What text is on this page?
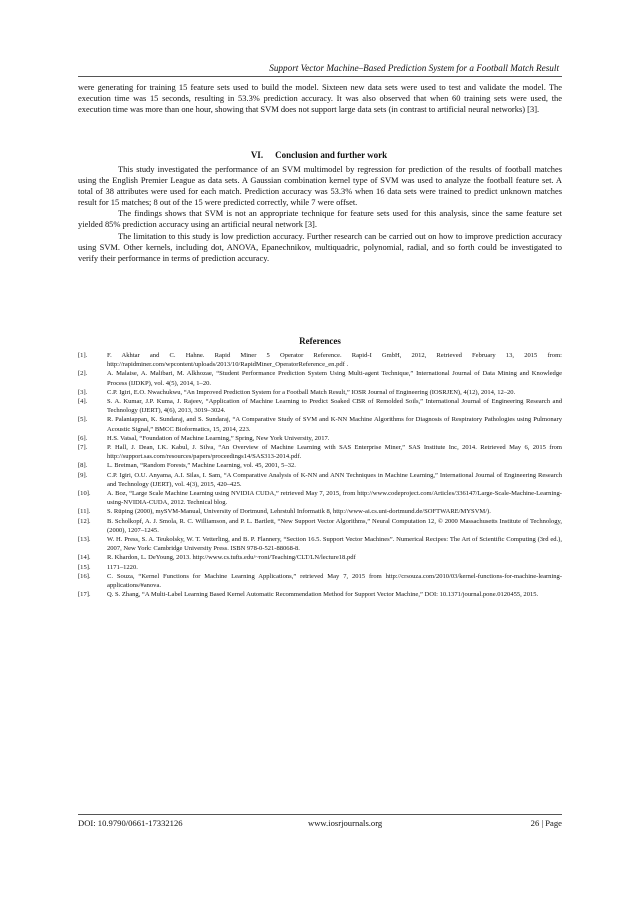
Support Vector Machine–Based Prediction System for a Football Match Result

were generating for training 15 feature sets used to build the model. Sixteen new data sets were used to test and validate the model. The execution time was 15 seconds, resulting in 53.3% prediction accuracy. It was also observed that when 60 training sets were used, the execution time was more than one hour, showing that SVM does not support large data sets (in contrast to artificial neural networks) [3].

VI. Conclusion and further work

This study investigated the performance of an SVM multimodel by regression for prediction of the results of football matches using the English Premier League as data sets. A Gaussian combination kernel type of SVM was used to analyze the football feature set. A total of 38 attributes were used for each match. Prediction accuracy was 53.3% when 16 data sets were trained to predict unknown matches result for 15 matches; 8 out of the 15 were predicted correctly, while 7 were offset.

The findings shows that SVM is not an appropriate technique for feature sets used for this analysis, since the same feature set yielded 85% prediction accuracy using an artificial neural network [3].

The limitation to this study is low prediction accuracy. Further research can be carried out on how to improve prediction accuracy using SVM. Other kernels, including dot, ANOVA, Epanechnikov, multiquadric, polynomial, radial, and so forth could be investigated to verify their performance in terms of prediction accuracy.

References
[1].	F. Akhtar and C. Hahne. Rapid Miner 5 Operator Reference. Rapid-I GmbH, 2012, Retrieved February 13, 2015 from: http://rapidminer.com/wpcontent/uploads/2013/10/RapidMiner_OperatorReference_en.pdf .
[2].	A. Malaise, A. Malibari, M. Alkhozae, “Student Performance Prediction System Using Multi-agent Technique,” International Journal of Data Mining and Knowledge Process (IJDKP), vol. 4(5), 2014, 1–20.
[3].	C.P. Igiri, E.O. Nwachukwu, “An Improved Prediction System for a Football Match Result,” IOSR Journal of Engineering (IOSRJEN), 4(12), 2014, 12–20.
[4].	S. A. Kumar, J.P. Kuma, J. Rajeev, “Application of Machine Learning to Predict Soaked CBR of Remolded Soils,” International Journal of Engineering Research and Technology (IJERT), 4(6), 2013, 3019–3024.
[5].	R. Palaniappan, K. Sundaraj, and S. Sundaraj, “A Comparative Study of SVM and K-NN Machine Algorithms for Diagnosis of Respiratory Pathologies using Pulmonary Acoustic Signal,” BMCC Bioformatics, 15, 2014, 223.
[6].	H.S. Vatsal, “Foundation of Machine Learning,” Spring, New York University, 2017.
[7].	P. Hall, J. Dean, I.K. Kabul, J. Silva, “An Overview of Machine Learning with SAS Enterprise Miner,” SAS Institute Inc, 2014. Retrieved May 6, 2015 from http://support.sas.com/resources/papers/proceedings14/SAS313-2014.pdf.
[8].	L. Breiman, “Random Forests,” Machine Learning, vol. 45, 2001, 5–32.
[9].	C.P. Igiri, O.U. Anyama, A.I. Silas, I. Sam, “A Comparative Analysis of K-NN and ANN Techniques in Machine Learning,” International Journal of Engineering Research and Technology (IJERT), vol. 4(3), 2015, 420–425.
[10].	A. Boz, “Large Scale Machine Learning using NVIDIA CUDA,” retrieved May 7, 2015, from http://www.codeproject.com/Articles/336147/Large-Scale-Machine-Learning-using-NVIDIA-CUDA, 2012. Technical blog.
[11].	S. Rüping (2000), mySVM-Manual, University of Dortmund, Lehrstuhl Informatik 8, http://www-ai.cs.uni-dortmund.de/SOFTWARE/MYSVM/).
[12].	B. Scholkopf, A. J. Smola, R. C. Williamson, and P. L. Bartlett, “New Support Vector Algorithms,” Neural Computation 12, © 2000 Massachusetts Institute of Technology, (2000), 1207–1245.
[13].	W. H. Press, S. A. Teukolsky, W. T. Vetterling, and B. P. Flannery, “Section 16.5. Support Vector Machines”. Numerical Recipes: The Art of Scientific Computing (3rd ed.), 2007, New York: Cambridge University Press. ISBN 978-0-521-88068-8.
[14].	R. Khardon, L. DeYoung, 2013. http://www.cs.tufts.edu/~roni/Teaching/CLT/LN/lecture18.pdf
[15].	1171–1220.
[16].	C. Souza, “Kernel Functions for Machine Learning Applications,” retrieved May 7, 2015 from http://crsouza.com/2010/03/kernel-functions-for-machine-learning-applications/#anova.
[17].	Q. S. Zhang, “A Multi-Label Learning Based Kernel Automatic Recommendation Method for Support Vector Machine,” DOI: 10.1371/journal.pone.0120455, 2015.
DOI: 10.9790/0661-17332126	www.iosrjournals.org	26 | Page
